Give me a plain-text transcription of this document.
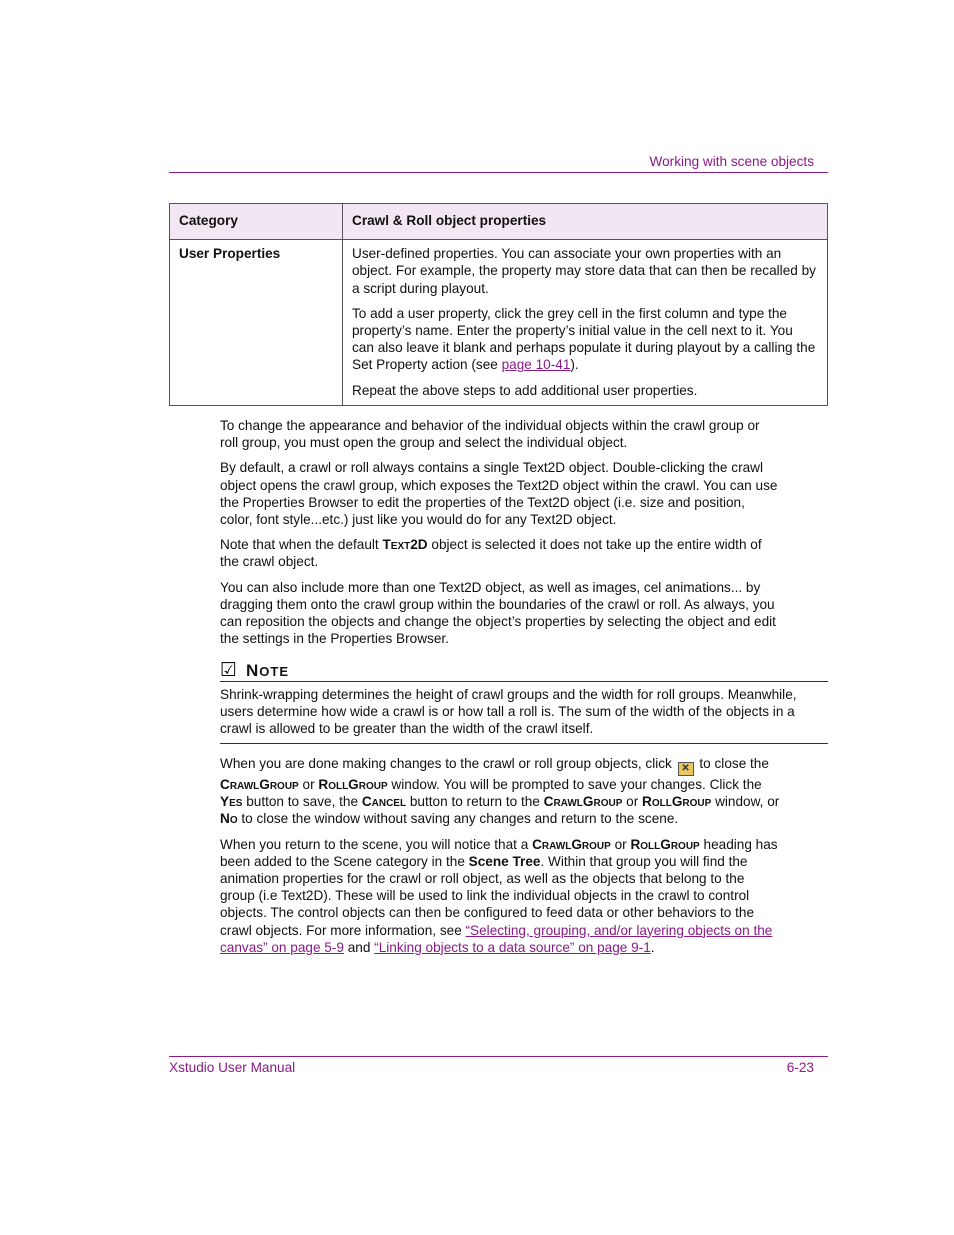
Working with scene objects
Category	Crawl & Roll object properties
User Properties	User-defined properties. You can associate your own properties with an object. For example, the property may store data that can then be recalled by a script during playout.

To add a user property, click the grey cell in the first column and type the property’s name. Enter the property’s initial value in the cell next to it. You can also leave it blank and perhaps populate it during playout by a calling the Set Property action (see page 10-41).

Repeat the above steps to add additional user properties.

To change the appearance and behavior of the individual objects within the crawl group or roll group, you must open the group and select the individual object.

By default, a crawl or roll always contains a single Text2D object. Double-clicking the crawl object opens the crawl group, which exposes the Text2D object within the crawl. You can use the Properties Browser to edit the properties of the Text2D object (i.e. size and position, color, font style...etc.) just like you would do for any Text2D object.

Note that when the default Text2D object is selected it does not take up the entire width of the crawl object.

You can also include more than one Text2D object, as well as images, cel animations... by dragging them onto the crawl group within the boundaries of the crawl or roll. As always, you can reposition the objects and change the object’s properties by selecting the object and edit the settings in the Properties Browser.

☑ NOTE
Shrink-wrapping determines the height of crawl groups and the width for roll groups. Meanwhile, users determine how wide a crawl is or how tall a roll is. The sum of the width of the objects in a crawl is allowed to be greater than the width of the crawl itself.

When you are done making changes to the crawl or roll group objects, click ✕ to close the CrawlGroup or RollGroup window. You will be prompted to save your changes. Click the Yes button to save, the Cancel button to return to the CrawlGroup or RollGroup window, or No to close the window without saving any changes and return to the scene.

When you return to the scene, you will notice that a CrawlGroup or RollGroup heading has been added to the Scene category in the Scene Tree. Within that group you will find the animation properties for the crawl or roll object, as well as the objects that belong to the group (i.e Text2D). These will be used to link the individual objects in the crawl to control objects. The control objects can then be configured to feed data or other behaviors to the crawl objects. For more information, see “Selecting, grouping, and/or layering objects on the canvas” on page 5-9 and “Linking objects to a data source” on page 9-1.

Xstudio User Manual	6-23
